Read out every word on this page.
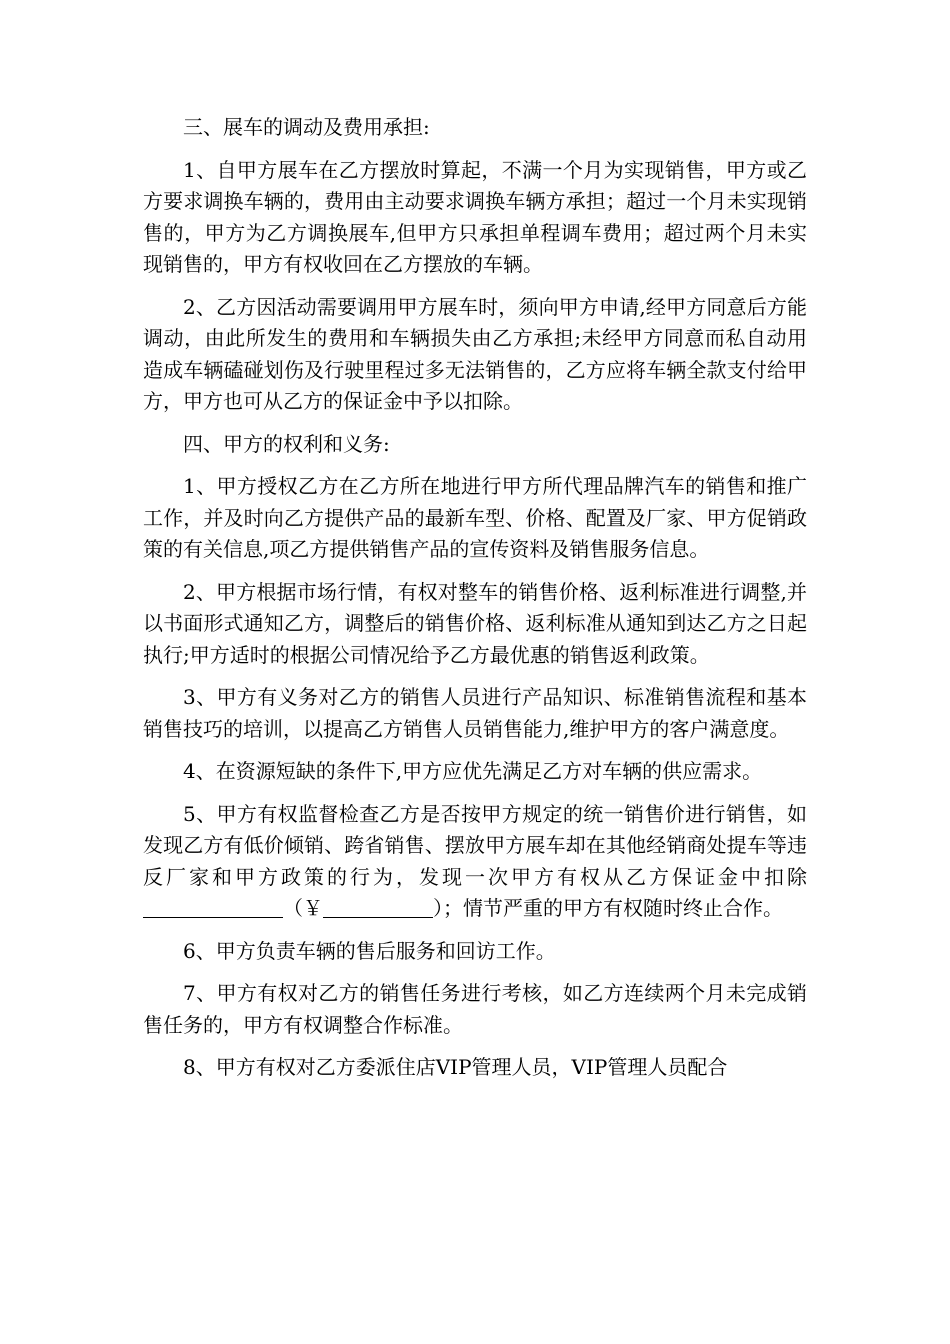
三、展车的调动及费用承担:

1、自甲方展车在乙方摆放时算起，不满一个月为实现销售，甲方或乙方要求调换车辆的，费用由主动要求调换车辆方承担；超过一个月未实现销售的，甲方为乙方调换展车,但甲方只承担单程调车费用；超过两个月未实现销售的，甲方有权收回在乙方摆放的车辆。

2、乙方因活动需要调用甲方展车时，须向甲方申请,经甲方同意后方能调动，由此所发生的费用和车辆损失由乙方承担;未经甲方同意而私自动用造成车辆磕碰划伤及行驶里程过多无法销售的，乙方应将车辆全款支付给甲方，甲方也可从乙方的保证金中予以扣除。

四、甲方的权利和义务:

1、甲方授权乙方在乙方所在地进行甲方所代理品牌汽车的销售和推广工作，并及时向乙方提供产品的最新车型、价格、配置及厂家、甲方促销政策的有关信息,项乙方提供销售产品的宣传资料及销售服务信息。

2、甲方根据市场行情，有权对整车的销售价格、返利标准进行调整,并以书面形式通知乙方，调整后的销售价格、返利标准从通知到达乙方之日起执行;甲方适时的根据公司情况给予乙方最优惠的销售返利政策。

3、甲方有义务对乙方的销售人员进行产品知识、标准销售流程和基本销售技巧的培训，以提高乙方销售人员销售能力,维护甲方的客户满意度。

4、在资源短缺的条件下,甲方应优先满足乙方对车辆的供应需求。

5、甲方有权监督检查乙方是否按甲方规定的统一销售价进行销售，如发现乙方有低价倾销、跨省销售、摆放甲方展车却在其他经销商处提车等违反厂家和甲方政策的行为，发现一次甲方有权从乙方保证金中扣除（￥	）；情节严重的甲方有权随时终止合作。

6、甲方负责车辆的售后服务和回访工作。

7、甲方有权对乙方的销售任务进行考核，如乙方连续两个月未完成销售任务的，甲方有权调整合作标准。

8、甲方有权对乙方委派住店VIP管理人员，VIP管理人员配合
